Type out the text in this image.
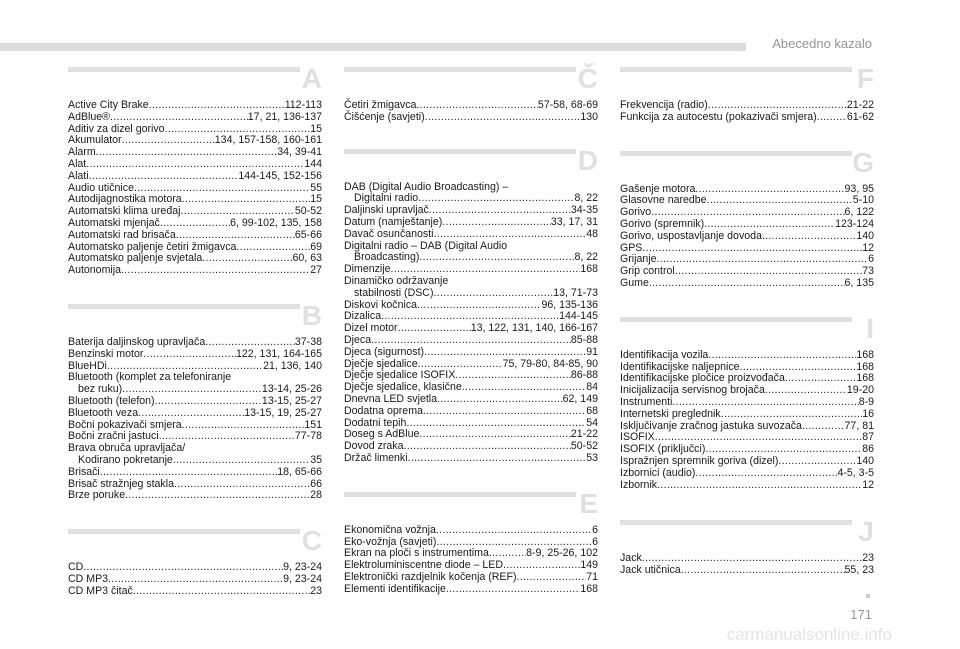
Abecedno kazalo
A
Active City Brake .....	112-113
AdBlue® .....	17, 21, 136-137
Aditiv za dizel gorivo .....	15
Akumulator .....	134, 157-158, 160-161
Alarm .....	34, 39-41
Alat .....	144
Alati .....	144-145, 152-156
Audio utičnice .....	55
Autodijagnostika motora .....	15
Automatski klima uređaj .....	50-52
Automatski mjenjač .....	6, 99-102, 135, 158
Automatski rad brisača .....	65-66
Automatsko paljenje četiri žmigavca .....	69
Automatsko paljenje svjetala .....	60, 63
Autonomija .....	27
B
Baterija daljinskog upravljača .....	37-38
Benzinski motor .....	122, 131, 164-165
BlueHDi .....	21, 136, 140
Bluetooth (komplet za telefoniranje
bez ruku) .....	13-14, 25-26
Bluetooth (telefon) .....	13-15, 25-27
Bluetooth veza .....	13-15, 19, 25-27
Bočni pokazivači smjera .....	151
Bočni zračni jastuci .....	77-78
Brava obruča upravljača/
Kodirano pokretanje .....	35
Brisači .....	18, 65-66
Brisač stražnjeg stakla .....	66
Brze poruke .....	28
C
CD .....	9, 23-24
CD MP3 .....	9, 23-24
CD MP3 čitač .....	23
Č
Četiri žmigavca .....	57-58, 68-69
Čišćenje (savjeti) .....	130
D
DAB (Digital Audio Broadcasting) –
Digitalni radio .....	8, 22
Daljinski upravljač .....	34-35
Datum (namještanje) .....	33, 17, 31
Davač osunčanosti .....	48
Digitalni radio – DAB (Digital Audio
Broadcasting) .....	8, 22
Dimenzije .....	168
Dinamičko održavanje
stabilnosti (DSC) .....	13, 71-73
Diskovi kočnica .....	96, 135-136
Dizalica .....	144-145
Dizel motor .....	13, 122, 131, 140, 166-167
Djeca .....	85-88
Djeca (sigurnost) .....	91
Dječje sjedalice .....	75, 79-80, 84-85, 90
Dječje sjedalice ISOFIX .....	86-88
Dječje sjedalice, klasične .....	84
Dnevna LED svjetla .....	62, 149
Dodatna oprema .....	68
Dodatni tepih .....	54
Doseg s AdBlue .....	21-22
Dovod zraka .....	50-52
Držač limenki .....	53
E
Ekonomična vožnja .....	6
Eko-vožnja (savjeti) .....	6
Ekran na ploči s instrumentima .....	8-9, 25-26, 102
Elektroluminiscentne diode – LED .....	149
Elektronički razdjelnik kočenja (REF) .....	71
Elementi identifikacije .....	168
F
Frekvencija (radio) .....	21-22
Funkcija za autocestu (pokazivači smjera) .....	61-62
G
Gašenje motora .....	93, 95
Glasovne naredbe .....	5-10
Gorivo .....	6, 122
Gorivo (spremnik) .....	123-124
Gorivo, uspostavljanje dovoda .....	140
GPS .....	12
Grijanje .....	6
Grip control .....	73
Gume .....	6, 135
I
Identifikacija vozila .....	168
Identifikacijske naljepnice .....	168
Identifikacijske pločice proizvođača .....	168
Inicijalizacija servisnog brojača .....	19-20
Instrumenti .....	8-9
Internetski preglednik .....	16
Isključivanje zračnog jastuka suvozača .....	77, 81
ISOFIX .....	87
ISOFIX (priključci) .....	86
Ispražnjen spremnik goriva (dizel) .....	140
Izbornici (audio) .....	4-5, 3-5
Izbornik .....	12
J
Jack .....	23
Jack utičnica .....	55, 23
171
carmanualsonline.info
